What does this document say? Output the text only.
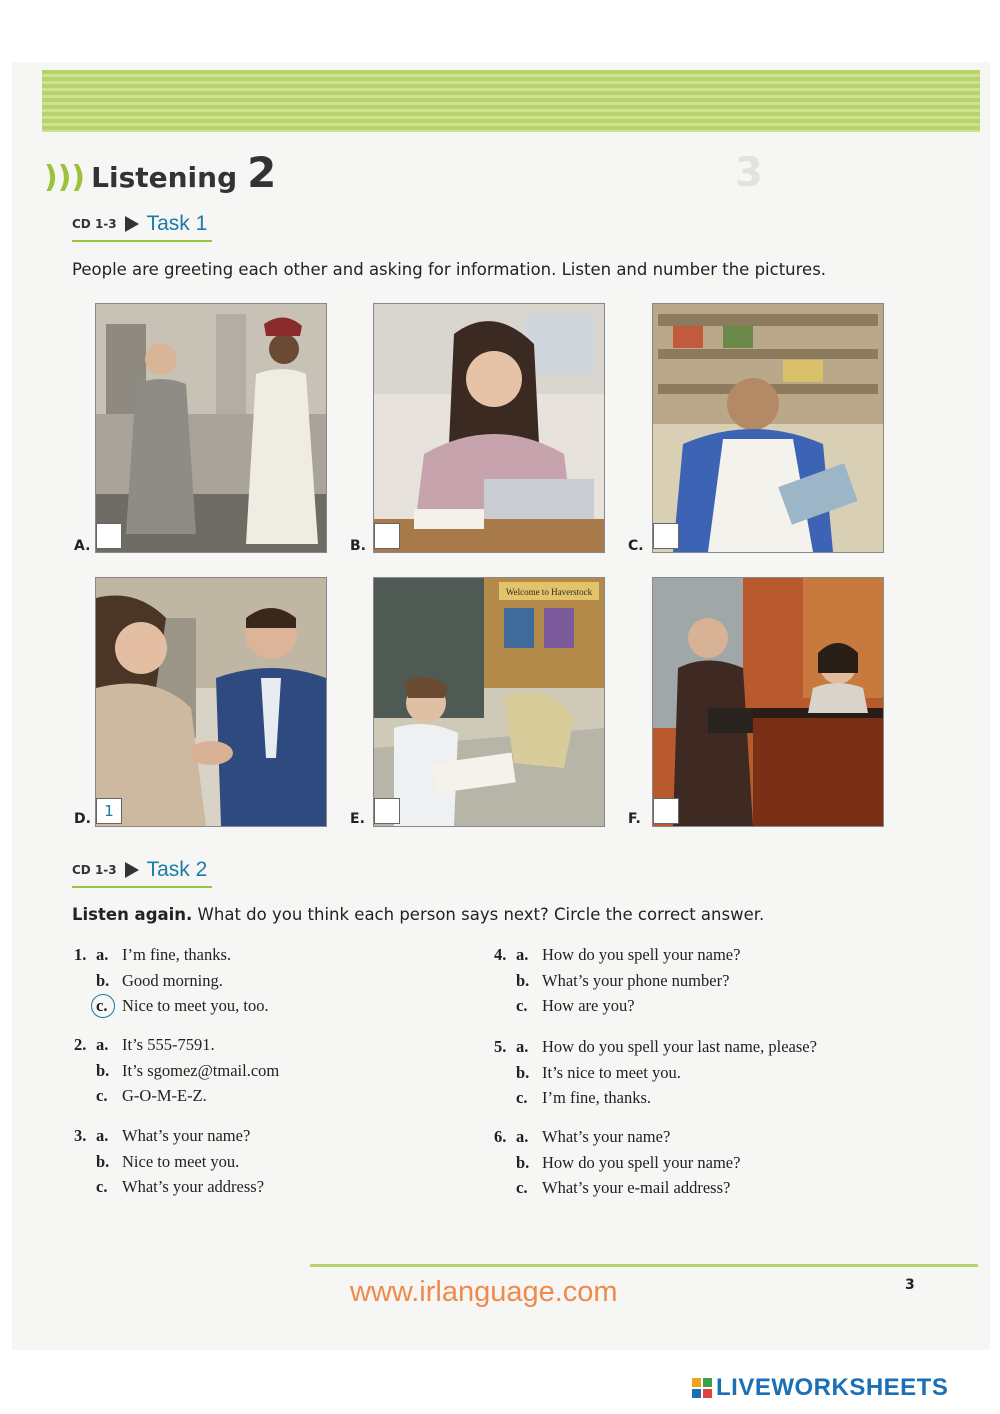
3
))) Listening 2
CD 1-3 Task 1
People are greeting each other and asking for information. Listen and number the pictures.
A.	B.	C.
D. 1
Welcome to Haverstock
E.	F.
CD 1-3 Task 2
Listen again. What do you think each person says next? Circle the correct answer.
1. a. I’m fine, thanks.
b. Good morning.
c. Nice to meet you, too.
2. a. It’s 555-7591.
b. It’s sgomez@tmail.com
c. G-O-M-E-Z.
3. a. What’s your name?
b. Nice to meet you.
c. What’s your address?
4. a. How do you spell your name?
b. What’s your phone number?
c. How are you?
5. a. How do you spell your last name, please?
b. It’s nice to meet you.
c. I’m fine, thanks.
6. a. What’s your name?
b. How do you spell your name?
c. What’s your e-mail address?
3
www.irlanguage.com
LIVEWORKSHEETS
